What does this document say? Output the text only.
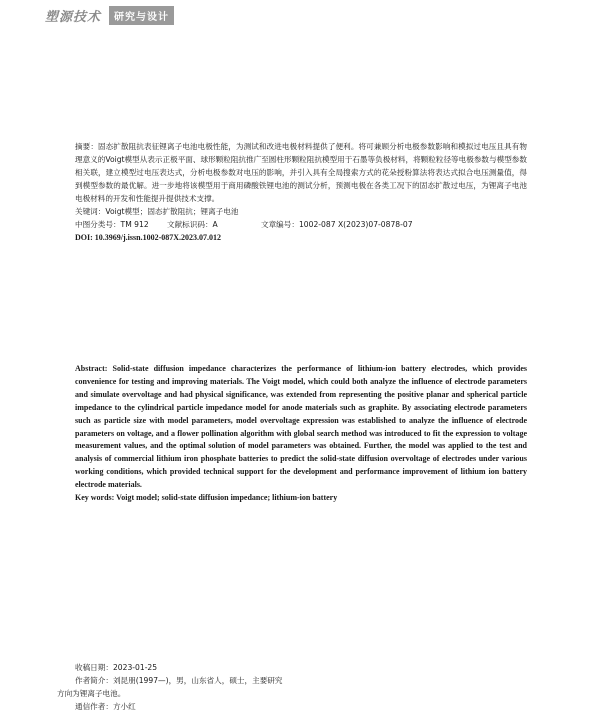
塑源技术	研究与设计

摘要：固态扩散阻抗表征锂离子电池电极性能，为测试和改进电极材料提供了便利。将可兼顾分析电极参数影响和模拟过电压且具有物理意义的Voigt模型从表示正极平面、球形颗粒阻抗推广至圆柱形颗粒阻抗模型用于石墨等负极材料，将颗粒粒径等电极参数与模型参数相关联，建立模型过电压表达式，分析电极参数对电压的影响，并引入具有全局搜索方式的花朵授粉算法将表达式拟合电压测量值，得到模型参数的最优解。进一步地将该模型用于商用磷酸铁锂电池的测试分析，预测电极在各类工况下的固态扩散过电压，为锂离子电池电极材料的开发和性能提升提供技术支撑。

关键词：Voigt模型；固态扩散阻抗；锂离子电池

中图分类号：TM 912	文献标识码：A	文章编号：1002-087 X(2023)07-0878-07

DOI: 10.3969/j.issn.1002-087X.2023.07.012

Abstract: Solid-state diffusion impedance characterizes the performance of lithium-ion battery electrodes, which provides convenience for testing and improving materials. The Voigt model, which could both analyze the influence of electrode parameters and simulate overvoltage and had physical significance, was extended from representing the positive planar and spherical particle impedance to the cylindrical particle impedance model for anode materials such as graphite. By associating electrode parameters such as particle size with model parameters, model overvoltage expression was established to analyze the influence of electrode parameters on voltage, and a flower pollination algorithm with global search method was introduced to fit the expression to voltage measurement values, and the optimal solution of model parameters was obtained. Further, the model was applied to the test and analysis of commercial lithium iron phosphate batteries to predict the solid-state diffusion overvoltage of electrodes under various working conditions, which provided technical support for the development and performance improvement of lithium ion battery electrode materials.

Key words: Voigt model; solid-state diffusion impedance; lithium-ion battery

收稿日期：2023-01-25
作者简介：刘昆朋(1997—)，男，山东省人，硕士，主要研究
方向为锂离子电池。
通信作者：方小红
